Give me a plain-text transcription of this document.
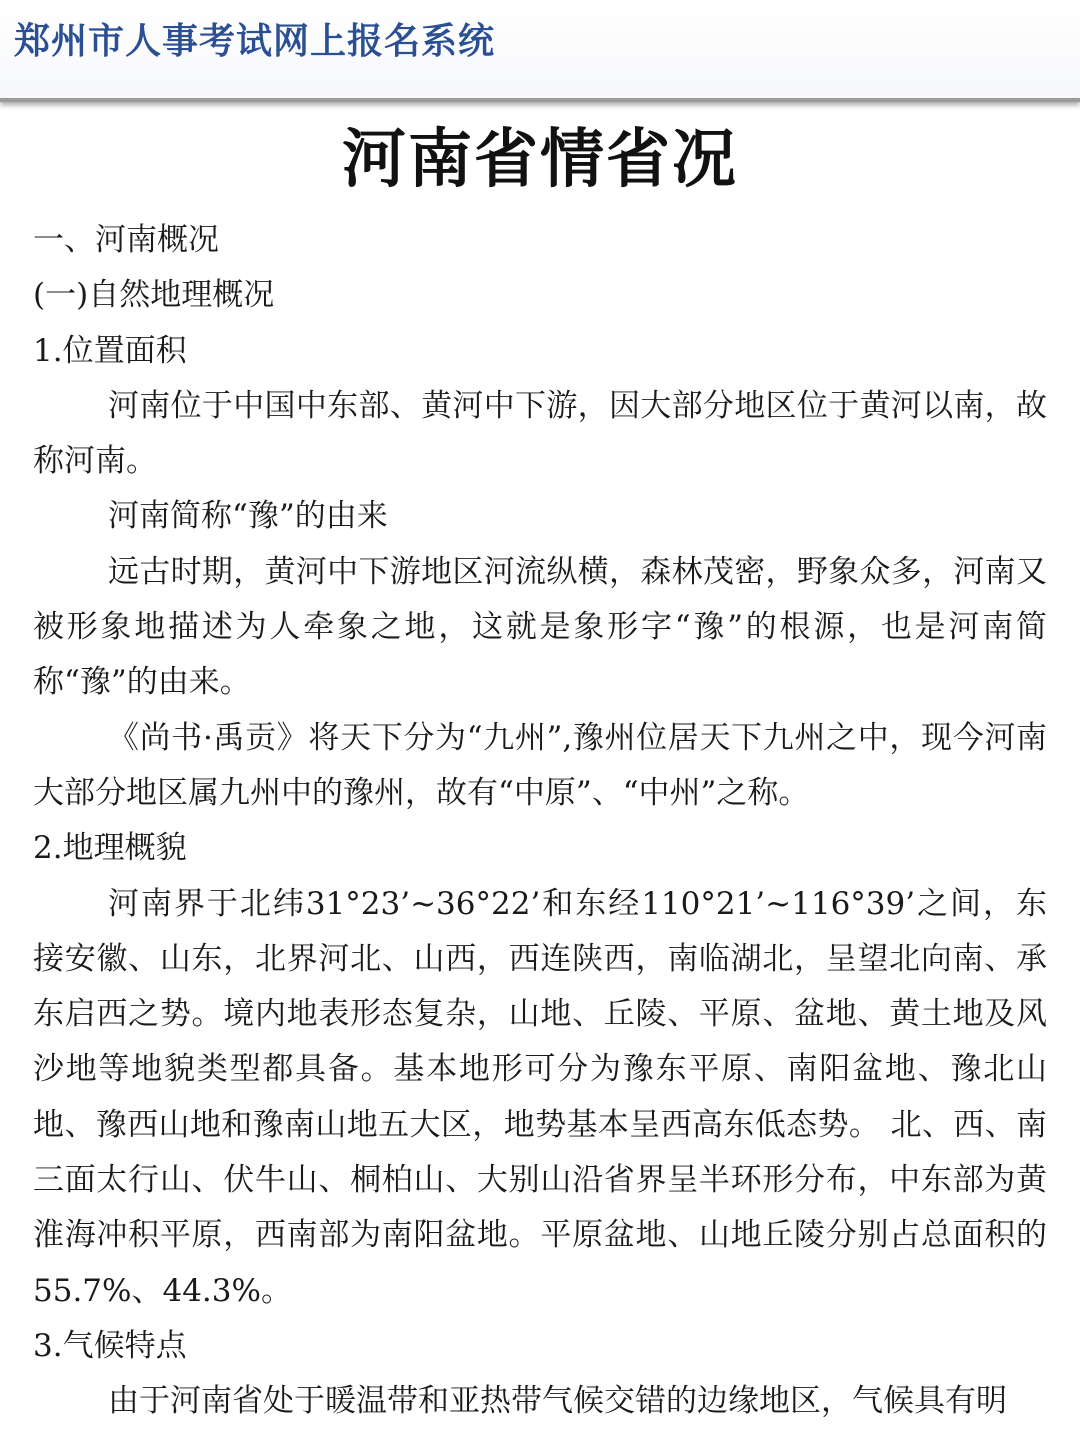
郑州市人事考试网上报名系统
河南省情省况

一、河南概况

(一)自然地理概况

1.位置面积

河南位于中国中东部、黄河中下游，因大部分地区位于黄河以南，故称河南。

河南简称“豫”的由来

远古时期，黄河中下游地区河流纵横，森林茂密，野象众多，河南又被形象地描述为人牵象之地，这就是象形字“豫”的根源，也是河南简称“豫”的由来。

《尚书·禹贡》将天下分为“九州”,豫州位居天下九州之中，现今河南大部分地区属九州中的豫州，故有“中原”、“中州”之称。

2.地理概貌

河南界于北纬31°23’~36°22’和东经110°21’~116°39’之间，东接安徽、山东，北界河北、山西，西连陕西，南临湖北，呈望北向南、承东启西之势。境内地表形态复杂，山地、丘陵、平原、盆地、黄土地及风沙地等地貌类型都具备。基本地形可分为豫东平原、南阳盆地、豫北山地、豫西山地和豫南山地五大区，地势基本呈西高东低态势。 北、西、南三面太行山、伏牛山、桐柏山、大别山沿省界呈半环形分布，中东部为黄淮海冲积平原，西南部为南阳盆地。平原盆地、山地丘陵分别占总面积的55.7%、44.3%。

3.气候特点

由于河南省处于暖温带和亚热带气候交错的边缘地区，气候具有明
